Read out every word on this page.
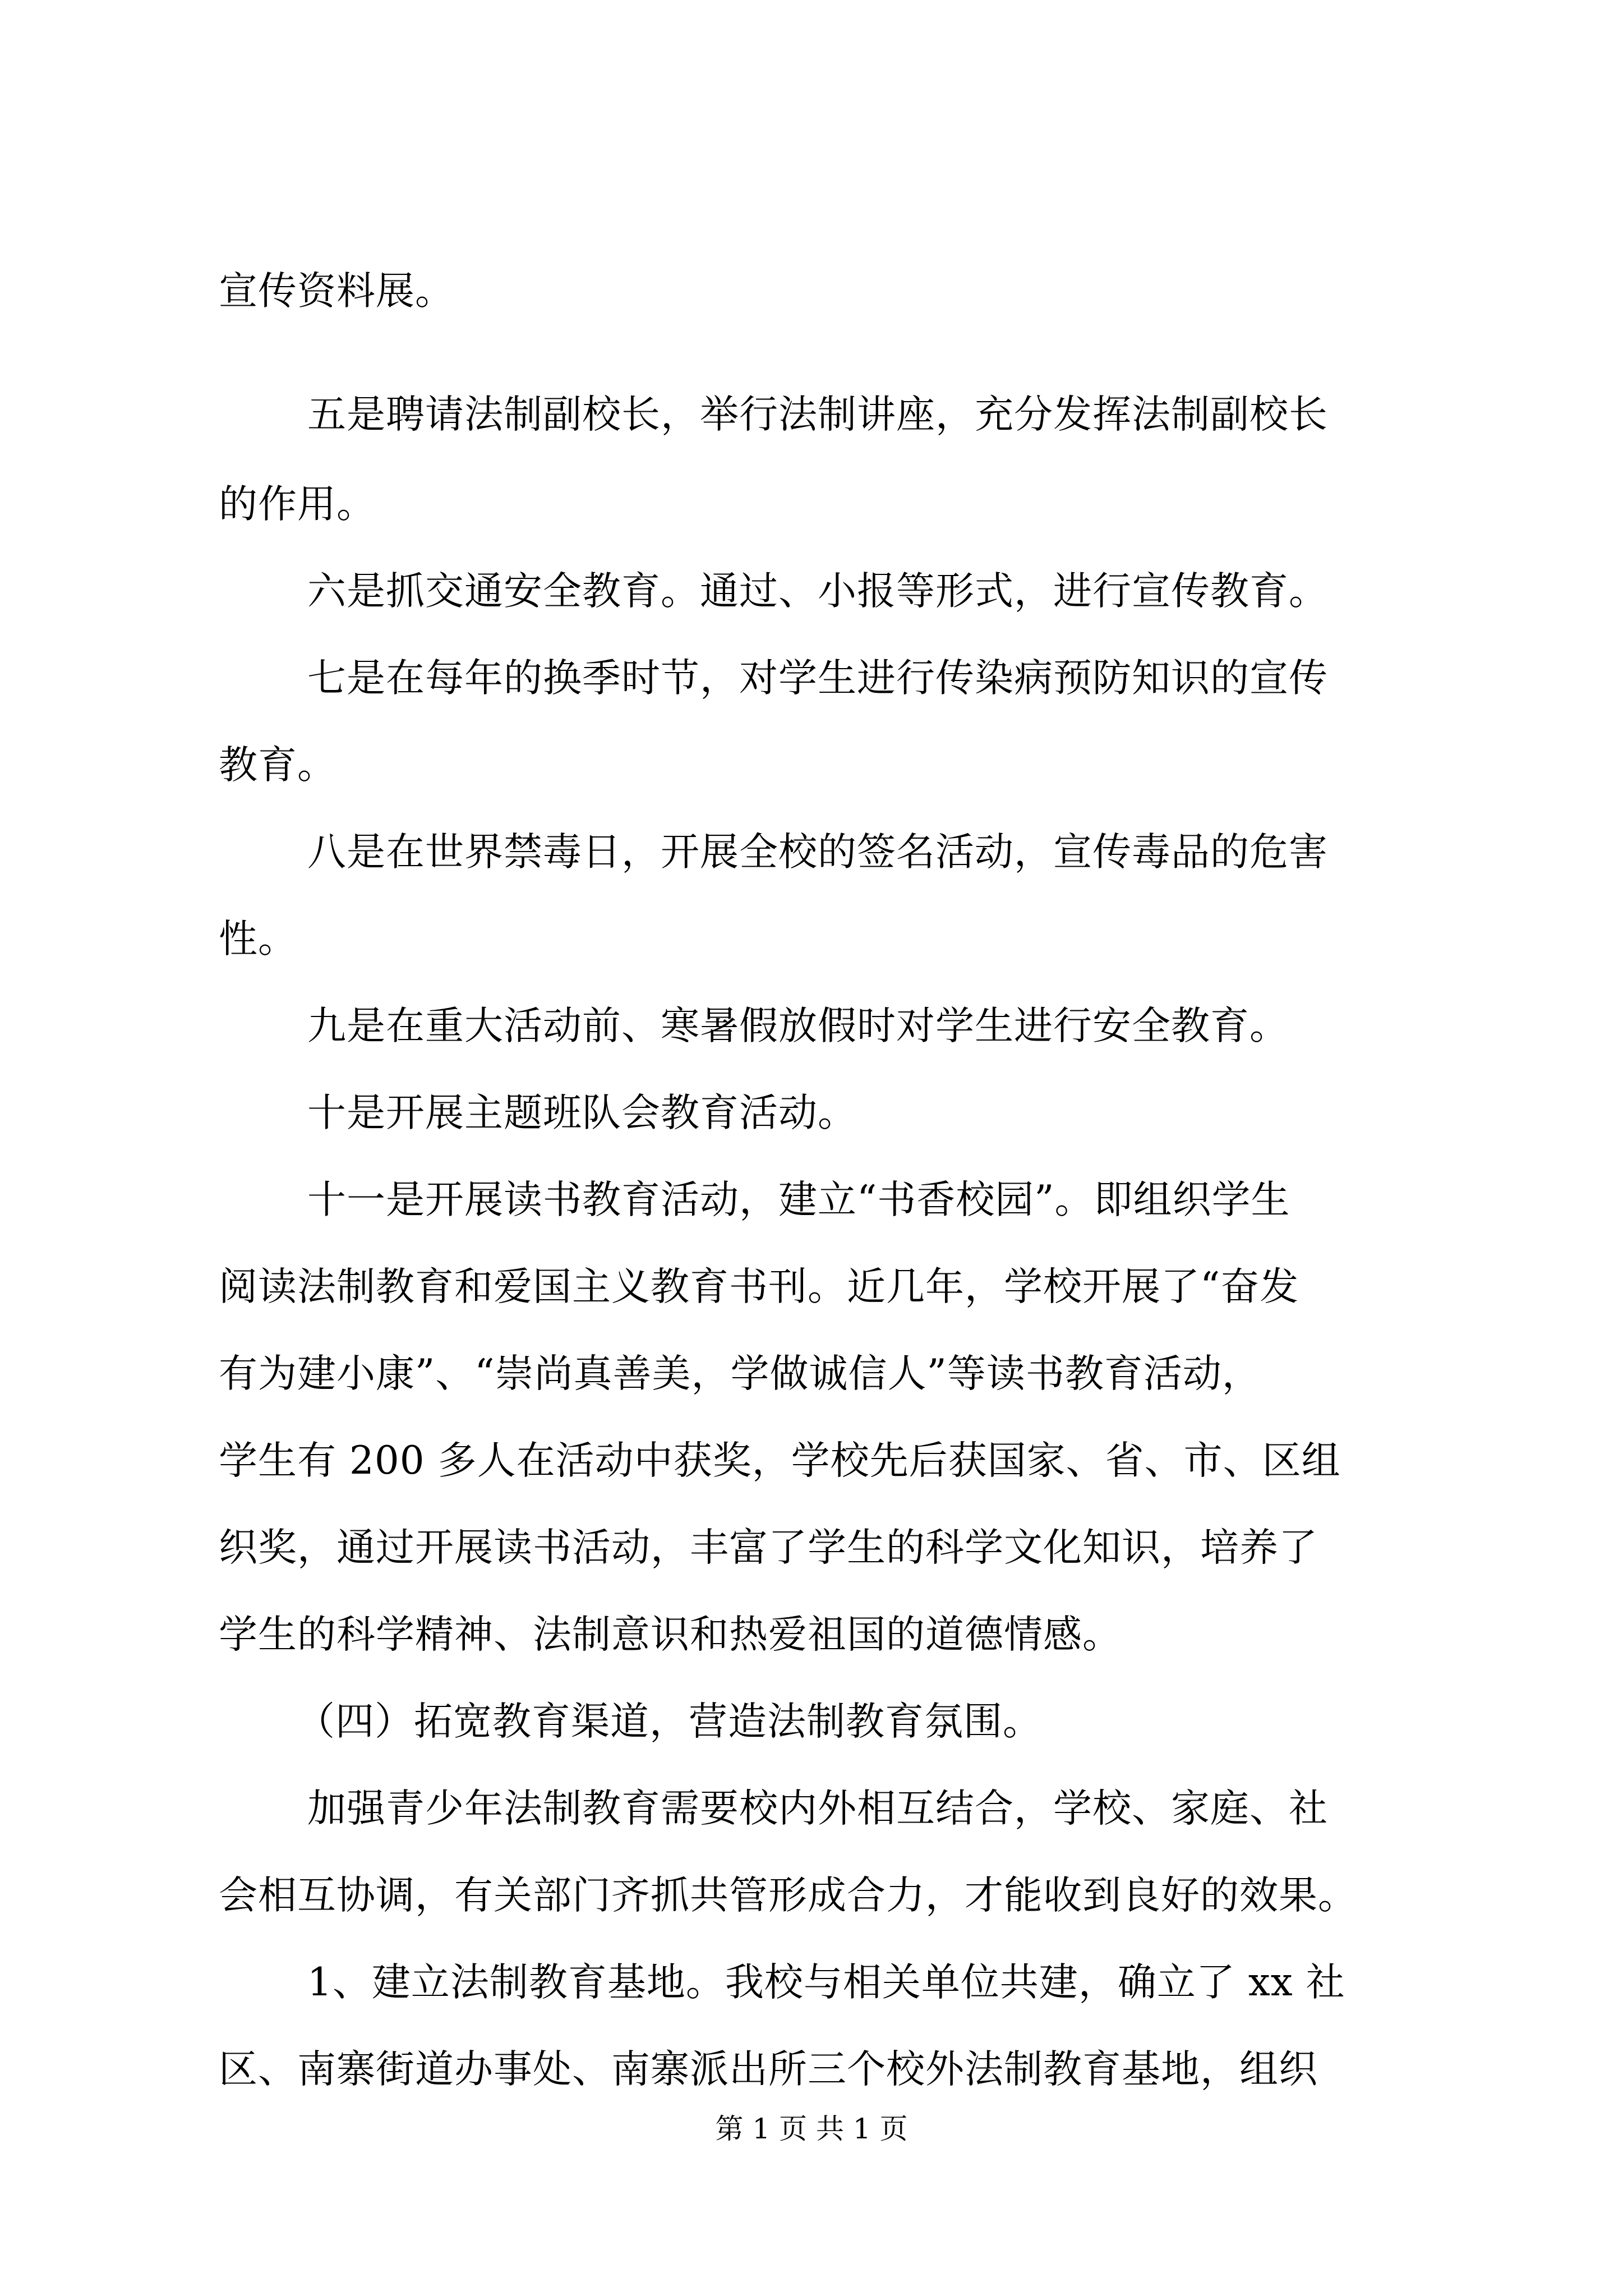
宣传资料展。
五是聘请法制副校长，举行法制讲座，充分发挥法制副校长
的作用。
六是抓交通安全教育。通过、小报等形式，进行宣传教育。
七是在每年的换季时节，对学生进行传染病预防知识的宣传
教育。
八是在世界禁毒日，开展全校的签名活动，宣传毒品的危害
性。
九是在重大活动前、寒暑假放假时对学生进行安全教育。
十是开展主题班队会教育活动。
十一是开展读书教育活动，建立“书香校园”。即组织学生
阅读法制教育和爱国主义教育书刊。近几年，学校开展了“奋发
有为建小康”、“崇尚真善美，学做诚信人”等读书教育活动，
学生有 200 多人在活动中获奖，学校先后获国家、省、市、区组
织奖，通过开展读书活动，丰富了学生的科学文化知识，培养了
学生的科学精神、法制意识和热爱祖国的道德情感。
（四）拓宽教育渠道，营造法制教育氛围。
加强青少年法制教育需要校内外相互结合，学校、家庭、社
会相互协调，有关部门齐抓共管形成合力，才能收到良好的效果。
1、建立法制教育基地。我校与相关单位共建，确立了 xx 社
区、南寨街道办事处、南寨派出所三个校外法制教育基地，组织
第 1 页 共 1 页
